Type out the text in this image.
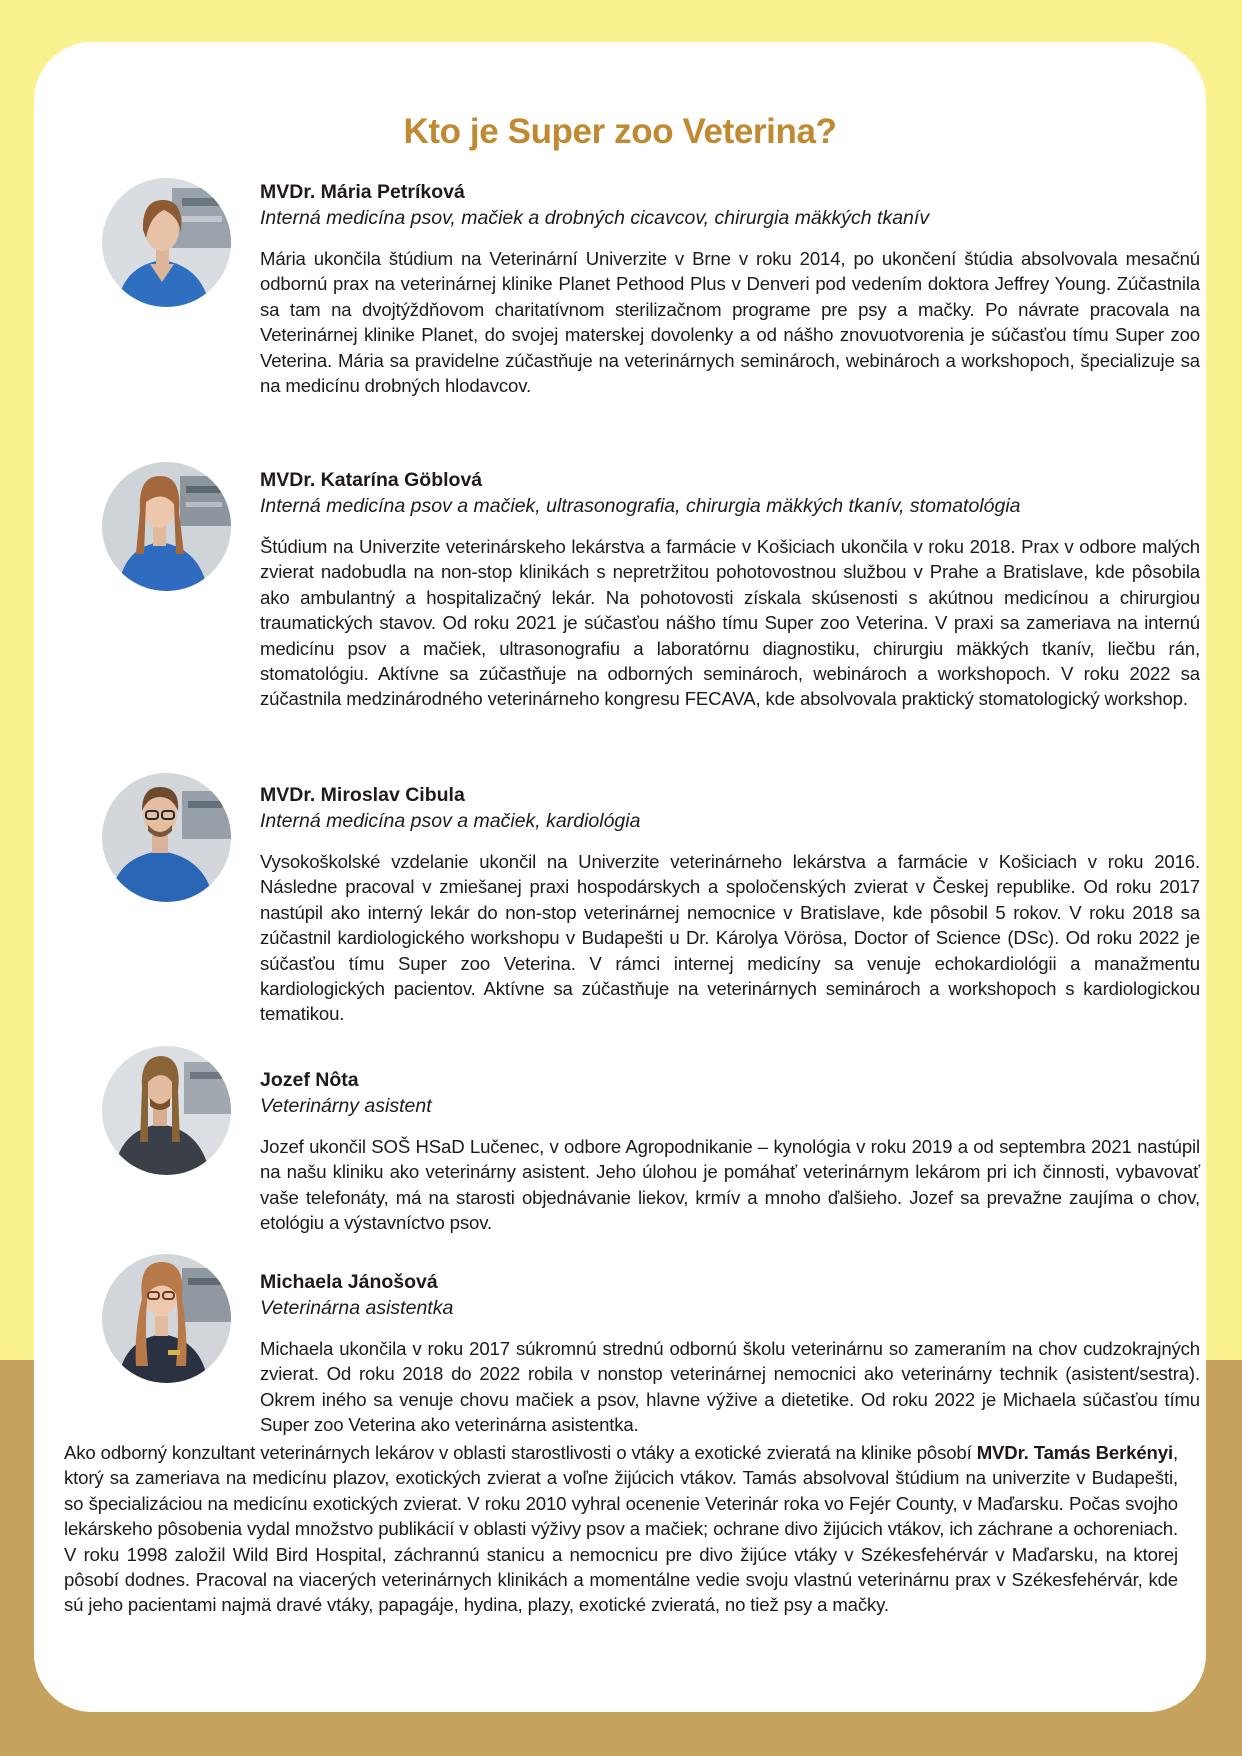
Kto je Super zoo Veterina?

MVDr. Mária Petríková

Interná medicína psov, mačiek a drobných cicavcov, chirurgia mäkkých tkanív

Mária ukončila štúdium na Veterinární Univerzite v Brne v roku 2014, po ukončení štúdia absolvovala mesačnú odbornú prax na veterinárnej klinike Planet Pethood Plus v Denveri pod vedením doktora Jeffrey Young. Zúčastnila sa tam na dvojtýždňovom charitatívnom sterilizačnom programe pre psy a mačky. Po návrate pracovala na Veterinárnej klinike Planet, do svojej materskej dovolenky a od nášho znovuotvorenia je súčasťou tímu Super zoo Veterina. Mária sa pravidelne zúčastňuje na veterinárnych seminároch, webinároch a workshopoch, špecializuje sa na medicínu drobných hlodavcov.

MVDr. Katarína Göblová

Interná medicína psov a mačiek, ultrasonografia, chirurgia mäkkých tkanív, stomatológia

Štúdium na Univerzite veterinárskeho lekárstva a farmácie v Košiciach ukončila v roku 2018. Prax v odbore malých zvierat nadobudla na non-stop klinikách s nepretržitou pohotovostnou službou v Prahe a Bratislave, kde pôsobila ako ambulantný a hospitalizačný lekár. Na pohotovosti získala skúsenosti s akútnou medicínou a chirurgiou traumatických stavov. Od roku 2021 je súčasťou nášho tímu Super zoo Veterina. V praxi sa zameriava na internú medicínu psov a mačiek, ultrasonografiu a laboratórnu diagnostiku, chirurgiu mäkkých tkanív, liečbu rán, stomatológiu. Aktívne sa zúčastňuje na odborných seminároch, webinároch a workshopoch. V roku 2022 sa zúčastnila medzinárodného veterinárneho kongresu FECAVA, kde absolvovala praktický stomatologický workshop.

MVDr. Miroslav Cibula

Interná medicína psov a mačiek, kardiológia

Vysokoškolské vzdelanie ukončil na Univerzite veterinárneho lekárstva a farmácie v Košiciach v roku 2016. Následne pracoval v zmiešanej praxi hospodárskych a spoločenských zvierat v Českej republike. Od roku 2017 nastúpil ako interný lekár do non-stop veterinárnej nemocnice v Bratislave, kde pôsobil 5 rokov. V roku 2018 sa zúčastnil kardiologického workshopu v Budapešti u Dr. Károlya Vörösa, Doctor of Science (DSc). Od roku 2022 je súčasťou tímu Super zoo Veterina. V rámci internej medicíny sa venuje echokardiológii a manažmentu kardiologických pacientov. Aktívne sa zúčastňuje na veterinárnych seminároch a workshopoch s kardiologickou tematikou.

Jozef Nôta

Veterinárny asistent

Jozef ukončil SOŠ HSaD Lučenec, v odbore Agropodnikanie – kynológia v roku 2019 a od septembra 2021 nastúpil na našu kliniku ako veterinárny asistent. Jeho úlohou je pomáhať veterinárnym lekárom pri ich činnosti, vybavovať vaše telefonáty, má na starosti objednávanie liekov, krmív a mnoho ďalšieho. Jozef sa prevažne zaujíma o chov, etológiu a výstavníctvo psov.

Michaela Jánošová

Veterinárna asistentka

Michaela ukončila v roku 2017 súkromnú strednú odbornú školu veterinárnu so zameraním na chov cudzokrajných zvierat. Od roku 2018 do 2022 robila v nonstop veterinárnej nemocnici ako veterinárny technik (asistent/sestra). Okrem iného sa venuje chovu mačiek a psov, hlavne výžive a dietetike. Od roku 2022 je Michaela súčasťou tímu Super zoo Veterina ako veterinárna asistentka.

Ako odborný konzultant veterinárnych lekárov v oblasti starostlivosti o vtáky a exotické zvieratá na klinike pôsobí MVDr. Tamás Berkényi, ktorý sa zameriava na medicínu plazov, exotických zvierat a voľne žijúcich vtákov. Tamás absolvoval štúdium na univerzite v Budapešti, so špecializáciou na medicínu exotických zvierat. V roku 2010 vyhral ocenenie Veterinár roka vo Fejér County, v Maďarsku. Počas svojho lekárskeho pôsobenia vydal množstvo publikácií v oblasti výživy psov a mačiek; ochrane divo žijúcich vtákov, ich záchrane a ochoreniach. V roku 1998 založil Wild Bird Hospital, záchrannú stanicu a nemocnicu pre divo žijúce vtáky v Székesfehérvár v Maďarsku, na ktorej pôsobí dodnes. Pracoval na viacerých veterinárnych klinikách a momentálne vedie svoju vlastnú veterinárnu prax v Székesfehérvár, kde sú jeho pacientami najmä dravé vtáky, papagáje, hydina, plazy, exotické zvieratá, no tiež psy a mačky.
